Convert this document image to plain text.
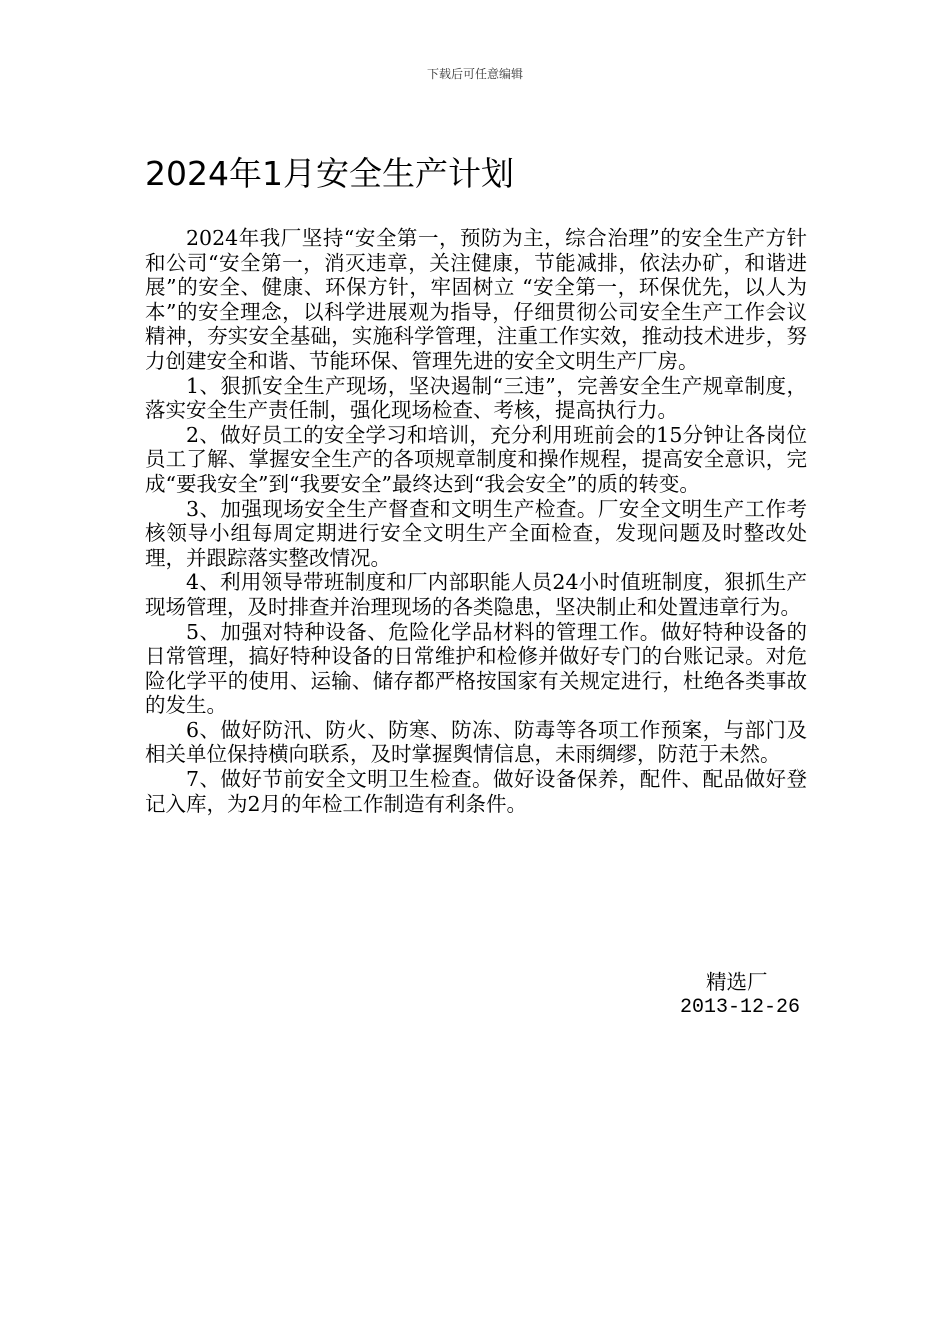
下载后可任意编辑
2024年1月安全生产计划

2024年我厂坚持“安全第一，预防为主，综合治理”的安全生产方针和公司“安全第一，消灭违章，关注健康，节能减排，依法办矿，和谐进展”的安全、健康、环保方针，牢固树立 “安全第一，环保优先，以人为本”的安全理念，以科学进展观为指导，仔细贯彻公司安全生产工作会议精神，夯实安全基础，实施科学管理，注重工作实效，推动技术进步，努力创建安全和谐、节能环保、管理先进的安全文明生产厂房。

1、狠抓安全生产现场，坚决遏制“三违”，完善安全生产规章制度，落实安全生产责任制，强化现场检查、考核，提高执行力。

2、做好员工的安全学习和培训，充分利用班前会的15分钟让各岗位员工了解、掌握安全生产的各项规章制度和操作规程，提高安全意识，完成“要我安全”到“我要安全”最终达到“我会安全”的质的转变。

3、加强现场安全生产督查和文明生产检查。厂安全文明生产工作考核领导小组每周定期进行安全文明生产全面检查，发现问题及时整改处理，并跟踪落实整改情况。

4、利用领导带班制度和厂内部职能人员24小时值班制度，狠抓生产现场管理，及时排查并治理现场的各类隐患，坚决制止和处置违章行为。

5、加强对特种设备、危险化学品材料的管理工作。做好特种设备的日常管理，搞好特种设备的日常维护和检修并做好专门的台账记录。对危险化学平的使用、运输、储存都严格按国家有关规定进行，杜绝各类事故的发生。

6、做好防汛、防火、防寒、防冻、防毒等各项工作预案，与部门及相关单位保持横向联系，及时掌握舆情信息，未雨绸缪，防范于未然。

7、做好节前安全文明卫生检查。做好设备保养，配件、配品做好登记入库，为2月的年检工作制造有利条件。

精选厂
2013-12-26
